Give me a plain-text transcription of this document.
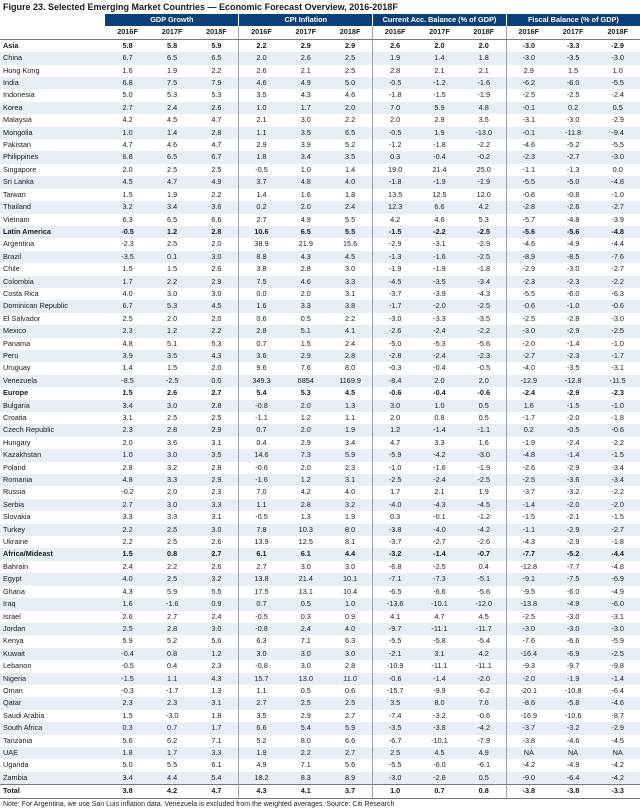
Figure 23. Selected Emerging Market Countries — Economic Forecast Overview, 2016-2018F
	GDP Growth			CPI Inflation			Current Acc. Balance (% of GDP)			Fiscal Balance (% of GDP)		
	2016F	2017F	2018F	2016F	2017F	2018F	2016F	2017F	2018F	2016F	2017F	2018F
Asia	5.8	5.8	5.9	2.2	2.9	2.9	2.6	2.0	2.0	-3.0	-3.3	-2.9
China	6.7	6.5	6.5	2.0	2.6	2.5	1.9	1.4	1.8	-3.0	-3.5	-3.0
Hong Kong	1.6	1.9	2.2	2.6	2.1	2.5	2.8	2.1	2.1	2.9	1.5	1.0
India	6.8	7.5	7.9	4.6	4.9	5.0	-0.5	-1.2	-1.6	-6.2	-6.0	-5.5
Indonesia	5.0	5.3	5.3	3.5	4.3	4.6	-1.8	-1.5	-1.9	-2.5	-2.5	-2.4
Korea	2.7	2.4	2.6	1.0	1.7	2.0	7.0	5.9	4.8	-0.1	0.2	0.5
Malaysia	4.2	4.5	4.7	2.1	3.0	2.2	2.0	2.9	3.5	-3.1	-3.0	-2.9
Mongolia	1.0	1.4	2.8	1.1	3.5	6.5	-0.5	1.9	-13.0	-0.1	-11.8	-9.4
Pakistan	4.7	4.6	4.7	2.9	3.9	5.2	-1.2	-1.8	-2.2	-4.6	-5.2	-5.5
Philippines	6.8	6.5	6.7	1.8	3.4	3.5	0.3	-0.4	-0.2	-2.3	-2.7	-3.0
Singapore	2.0	2.5	2.5	-0.5	1.0	1.4	19.0	21.4	25.0	-1.1	-1.3	0.0
Sri Lanka	4.5	4.7	4.9	3.7	4.8	4.0	-1.8	-1.9	-1.9	-5.5	-5.0	-4.8
Taiwan	1.5	1.9	2.2	1.4	1.6	1.8	13.5	12.5	12.0	-0.6	-0.8	-1.0
Thailand	3.2	3.4	3.6	0.2	2.0	2.4	12.3	6.6	4.2	-2.8	-2.6	-2.7
Vietnam	6.3	6.5	6.6	2.7	4.9	5.5	4.2	4.6	5.3	-5.7	-4.8	-3.9
Latin America	-0.5	1.2	2.8	10.6	6.5	5.5	-1.5	-2.2	-2.5	-5.6	-5.6	-4.8
Argentina	-2.3	2.5	2.0	38.9	21.9	15.6	-2.9	-3.1	-2.9	-4.6	-4.9	-4.4
Brazil	-3.5	0.1	3.0	8.8	4.3	4.5	-1.3	-1.6	-2.5	-8.9	-8.5	-7.6
Chile	1.5	1.5	2.6	3.8	2.8	3.0	-1.9	-1.9	-1.8	-2.9	-3.0	-2.7
Colombia	1.7	2.2	2.9	7.5	4.6	3.3	-4.5	-3.5	-3.4	-2.3	-2.3	-2.2
Costa Rica	4.0	3.0	3.0	0.0	2.0	3.1	-3.7	-3.9	-4.3	-5.5	-6.0	-6.3
Dominican Republic	6.7	5.3	4.5	1.6	3.3	3.8	-1.7	-2.0	-2.5	-0.6	-1.0	-0.6
El Salvador	2.5	2.0	2.0	0.6	0.5	2.2	-3.0	-3.3	-3.5	-2.5	-2.8	-3.0
Mexico	2.3	1.2	2.2	2.8	5.1	4.1	-2.6	-2.4	-2.2	-3.0	-2.9	-2.5
Panama	4.8	5.1	5.3	0.7	1.5	2.4	-5.0	-5.3	-5.6	-2.0	-1.4	-1.0
Peru	3.9	3.5	4.3	3.6	2.9	2.8	-2.8	-2.4	-2.3	-2.7	-2.3	-1.7
Uruguay	1.4	1.5	2.0	9.6	7.6	8.0	-0.3	-0.4	-0.5	-4.0	-3.5	-3.1
Venezuela	-8.5	-2.5	0.0	349.3	6854	1169.9	-8.4	2.0	2.0	-12.9	-12.8	-11.5
Europe	1.5	2.6	2.7	5.4	5.3	4.5	-0.6	-0.4	-0.6	-2.4	-2.9	-2.3
Bulgaria	3.4	3.0	2.8	-0.8	2.0	1.3	3.0	1.0	0.5	1.6	-1.5	-1.0
Croatia	3.1	2.5	2.5	-1.1	1.2	1.1	2.0	0.8	0.5	-1.7	-2.0	-1.8
Czech Republic	2.3	2.8	2.9	0.7	2.0	1.9	1.2	-1.4	-1.1	0.2	-0.5	-0.6
Hungary	2.0	3.6	3.1	0.4	2.9	3.4	4.7	3.3	1.6	-1.9	-2.4	-2.2
Kazakhstan	1.0	3.0	3.5	14.6	7.3	5.9	-5.9	-4.2	-3.0	-4.8	-1.4	-1.5
Poland	2.8	3.2	2.8	-0.6	2.0	2.3	-1.0	-1.6	-1.9	-2.6	-2.9	-3.4
Romania	4.8	3.3	2.9	-1.6	1.2	3.1	-2.5	-2.4	-2.5	-2.5	-3.6	-3.4
Russia	-0.2	2.0	2.3	7.0	4.2	4.0	1.7	2.1	1.9	-3.7	-3.2	-2.2
Serbia	2.7	3.0	3.3	1.1	2.8	3.2	-4.0	-4.3	-4.5	-1.4	-2.0	-2.0
Slovakia	3.3	3.3	3.1	-0.5	1.3	1.9	0.3	-0.1	-1.2	-1.5	-2.1	-1.5
Turkey	2.2	2.5	3.0	7.8	10.3	8.0	-3.8	-4.0	-4.2	-1.1	-2.9	-2.7
Ukraine	2.2	2.5	2.6	13.9	12.5	8.1	-3.7	-2.7	-2.6	-4.3	-2.9	-1.8
Africa/Mideast	1.5	0.8	2.7	6.1	6.1	4.4	-3.2	-1.4	-0.7	-7.7	-5.2	-4.4
Bahrain	2.4	2.2	2.6	2.7	3.0	3.0	-6.8	-2.5	0.4	-12.8	-7.7	-4.8
Egypt	4.0	2.5	3.2	13.8	21.4	10.1	-7.1	-7.3	-5.1	-9.1	-7.5	-6.9
Ghana	4.3	5.9	5.5	17.5	13.1	10.4	-6.5	-6.6	-5.6	-9.5	-6.0	-4.9
Iraq	1.6	-1.6	0.9	0.7	0.5	1.0	-13.6	-10.1	-12.0	-13.8	-4.9	-6.0
Israel	2.6	2.7	2.4	-0.5	0.3	0.9	4.1	4.7	4.5	-2.5	-3.0	-3.1
Jordan	2.5	2.8	3.0	-0.8	2.4	4.0	-9.7	-11.1	-11.7	-3.0	-3.0	-3.0
Kenya	5.9	5.2	5.6	6.3	7.1	6.3	-5.5	-5.8	-5.4	-7.6	-6.6	-5.9
Kuwait	-0.4	0.8	1.2	3.0	3.0	3.0	-2.1	3.1	4.2	-16.4	-6.9	-2.5
Lebanon	-0.5	0.4	2.3	-0.8	3.0	2.8	-10.9	-11.1	-11.1	-9.3	-9.7	-9.8
Nigeria	-1.5	1.1	4.3	15.7	13.0	11.0	-0.6	-1.4	-2.0	-2.0	-1.9	-1.4
Oman	-0.3	-1.7	1.3	1.1	0.5	0.6	-15.7	-9.9	-6.2	-20.1	-10.8	-6.4
Qatar	2.3	2.3	3.1	2.7	2.5	2.5	3.5	8.0	7.6	-8.6	-5.8	-4.6
Saudi Arabia	1.5	-3.0	1.8	3.5	2.9	2.7	-7.4	-3.2	-0.6	-16.9	-10.6	-8.7
South Africa	0.3	0.7	1.7	6.6	5.4	5.9	-3.5	-3.8	-4.2	-3.7	-3.2	-2.9
Tanzania	5.6	6.2	7.1	5.2	8.0	6.6	-6.7	-10.1	-7.9	-3.8	-4.6	-4.5
UAE	1.8	1.7	3.3	1.9	2.2	2.7	2.5	4.5	4.9	NA	NA	NA
Uganda	5.0	5.5	6.1	4.9	7.1	5.6	-5.5	-6.0	-6.1	-4.2	-4.9	-4.2
Zambia	3.4	4.4	5.4	18.2	8.3	8.9	-3.0	-2.8	0.5	-9.0	-6.4	-4.2
Total	3.8	4.2	4.7	4.3	4.1	3.7	1.0	0.7	0.8	-3.8	-3.8	-3.3
Note: For Argentina, we use San Luis inflation data. Venezuela is excluded from the weighted averages. Source: Citi Research
